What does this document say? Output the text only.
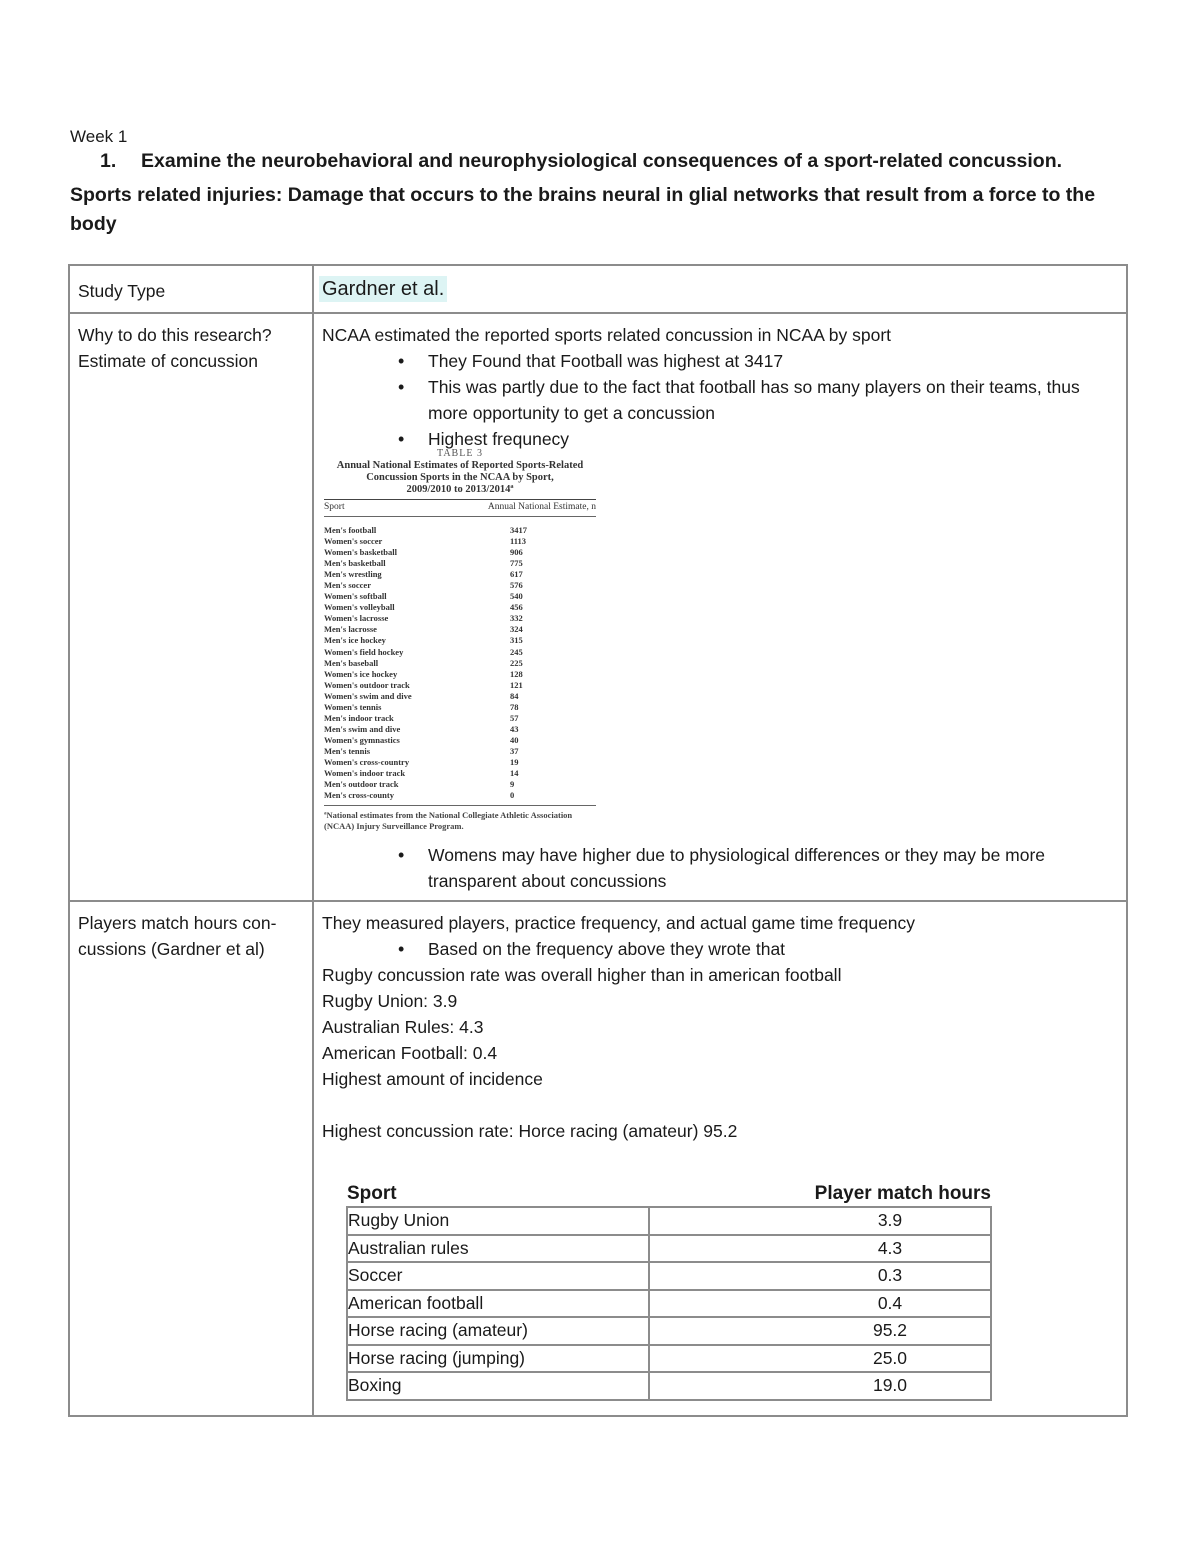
Week 1
1. Examine the neurobehavioral and neurophysiological consequences of a sport-related concussion.
Sports related injuries: Damage that occurs to the brains neural in glial networks that result from a force to the body
Study Type	Gardner et al.

Why to do this research?
Estimate of concussion

NCAA estimated the reported sports related concussion in NCAA by sport
• They Found that Football was highest at 3417
• This was partly due to the fact that football has so many players on their teams, thus more opportunity to get a concussion
• Highest frequnecy
TABLE 3
Annual National Estimates of Reported Sports-Related
Concussion Sports in the NCAA by Sport,
2009/2010 to 2013/2014ª
Sport	Annual National Estimate, n
Men's football	3417
Women's soccer	1113
Women's basketball	906
Men's basketball	775
Men's wrestling	617
Men's soccer	576
Women's softball	540
Women's volleyball	456
Women's lacrosse	332
Men's lacrosse	324
Men's ice hockey	315
Women's field hockey	245
Men's baseball	225
Women's ice hockey	128
Women's outdoor track	121
Women's swim and dive	84
Women's tennis	78
Men's indoor track	57
Men's swim and dive	43
Women's gymnastics	40
Men's tennis	37
Women's cross-country	19
Women's indoor track	14
Men's outdoor track	9
Men's cross-county	0
ªNational estimates from the National Collegiate Athletic Association (NCAA) Injury Surveillance Program.
• Womens may have higher due to physiological differences or they may be more transparent about concussions

Players match hours con-cussions (Gardner et al)	
They measured players, practice frequency, and actual game time frequency
• Based on the frequency above they wrote that
Rugby concussion rate was overall higher than in american football
Rugby Union: 3.9
Australian Rules: 4.3
American Football: 0.4
Highest amount of incidence
Highest concussion rate: Horce racing (amateur) 95.2
Sport	Player match hours
Rugby Union	3.9
Australian rules	4.3
Soccer	0.3
American football	0.4
Horse racing (amateur)	95.2
Horse racing (jumping)	25.0
Boxing	19.0
